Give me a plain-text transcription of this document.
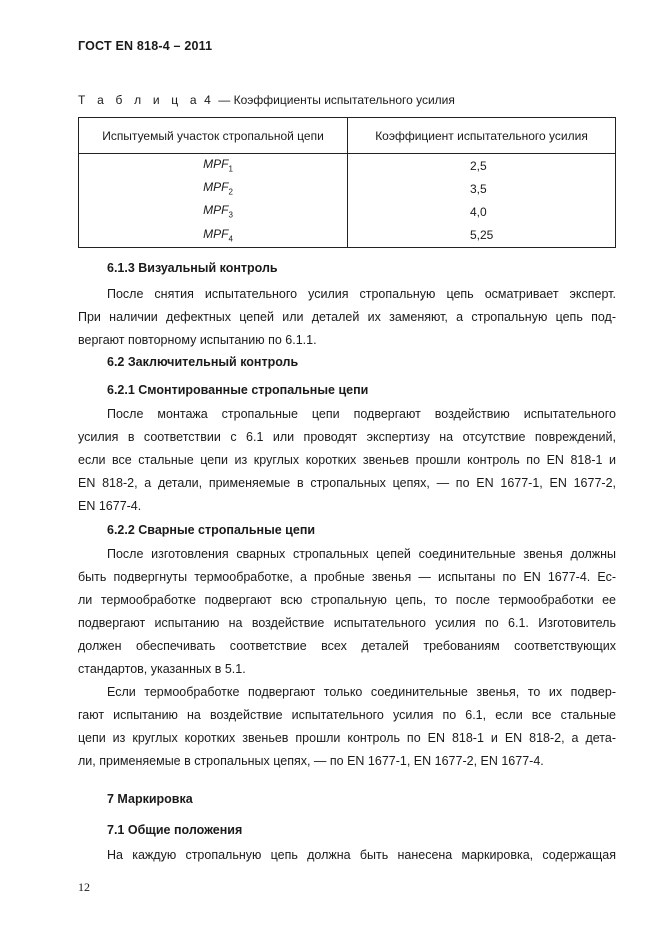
ГОСТ EN 818-4 – 2011
Т а б л и ц а 4 — Коэффициенты испытательного усилия
Испытуемый участок стропальной цепи	Коэффициент испытательного усилия
$MPF_1$	2,5
$MPF_2$	3,5
$MPF_3$	4,0
$MPF_4$	5,25
6.1.3 Визуальный контроль
После снятия испытательного усилия стропальную цепь осматривает эксперт.
При наличии дефектных цепей или деталей их заменяют, а стропальную цепь под-
вергают повторному испытанию по 6.1.1.
6.2 Заключительный контроль
6.2.1 Смонтированные стропальные цепи
После монтажа стропальные цепи подвергают воздействию испытательного
усилия в соответствии с 6.1 или проводят экспертизу на отсутствие повреждений,
если все стальные цепи из круглых коротких звеньев прошли контроль по EN 818-1 и
EN 818-2, а детали, применяемые в стропальных цепях, — по EN 1677-1, EN 1677-2,
EN 1677-4.
6.2.2 Сварные стропальные цепи
После изготовления сварных стропальных цепей соединительные звенья должны
быть подвергнуты термообработке, а пробные звенья — испытаны по EN 1677-4. Ес-
ли термообработке подвергают всю стропальную цепь, то после термообработки ее
подвергают испытанию на воздействие испытательного усилия по 6.1. Изготовитель
должен обеспечивать соответствие всех деталей требованиям соответствующих
стандартов, указанных в 5.1.
Если термообработке подвергают только соединительные звенья, то их подвер-
гают испытанию на воздействие испытательного усилия по 6.1, если все стальные
цепи из круглых коротких звеньев прошли контроль по EN 818-1 и EN 818-2, а дета-
ли, применяемые в стропальных цепях, — по EN 1677-1, EN 1677-2, EN 1677-4.
7 Маркировка
7.1 Общие положения
На каждую стропальную цепь должна быть нанесена маркировка, содержащая
12
